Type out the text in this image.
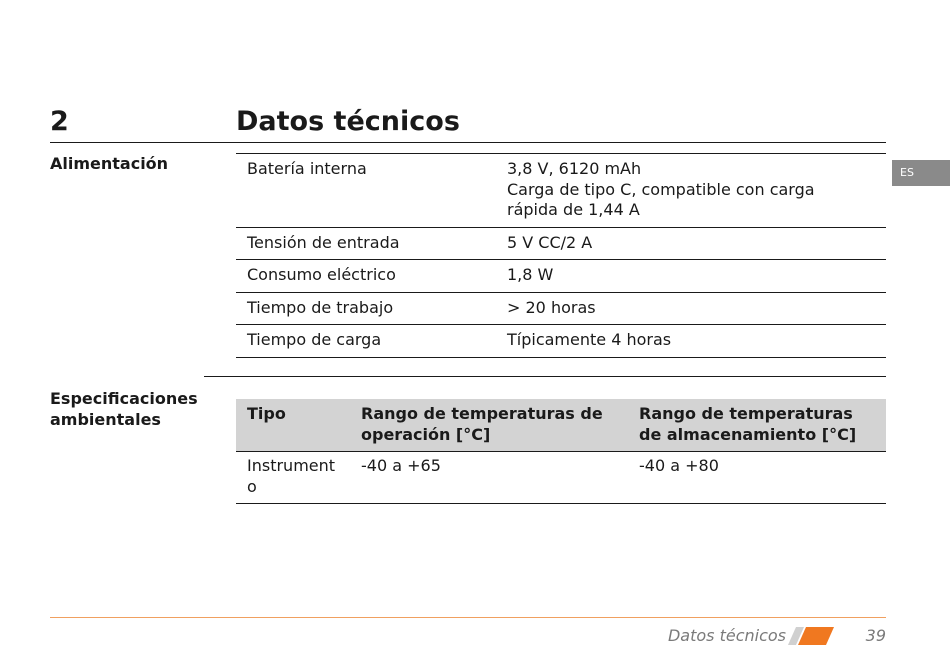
2	Datos técnicos
ES
Alimentación	Batería interna	3,8 V, 6120 mAh
Carga de tipo C, compatible con carga
rápida de 1,44 A
Tensión de entrada	5 V CC/2 A
Consumo eléctrico	1,8 W
Tiempo de trabajo	> 20 horas
Tiempo de carga	Típicamente 4 horas
Especificaciones
ambientales	Tipo	Rango de temperaturas de operación [°C]	Rango de temperaturas de almacenamiento [°C]
Instrument
o	-40 a +65	-40 a +80
Datos técnicos	39
